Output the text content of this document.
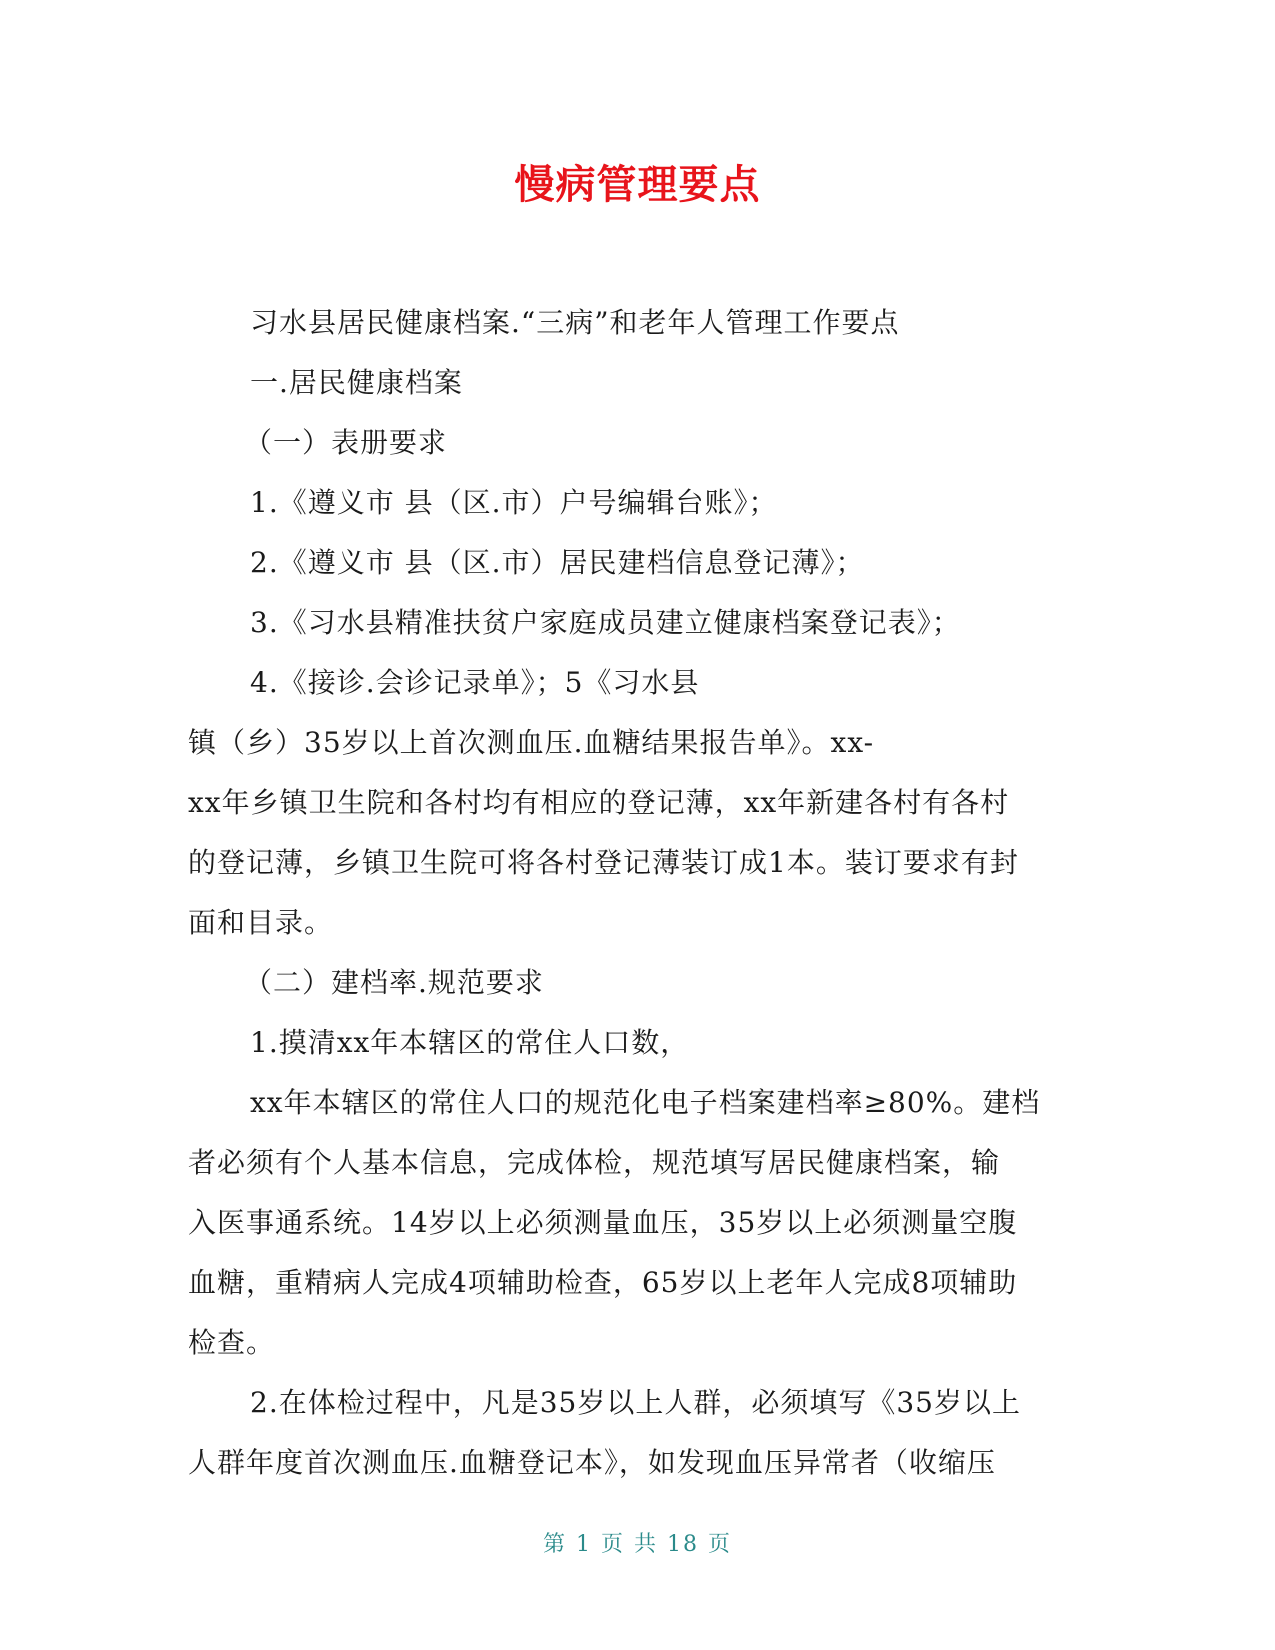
慢病管理要点
习水县居民健康档案.“三病”和老年人管理工作要点
一.居民健康档案
（一）表册要求
1.《遵义市 县（区.市）户号编辑台账》；
2.《遵义市 县（区.市）居民建档信息登记薄》；
3.《习水县精准扶贫户家庭成员建立健康档案登记表》；
4.《接诊.会诊记录单》；5《习水县
镇（乡）35岁以上首次测血压.血糖结果报告单》。xx-
xx年乡镇卫生院和各村均有相应的登记薄，xx年新建各村有各村
的登记薄，乡镇卫生院可将各村登记薄装订成1本。装订要求有封
面和目录。
（二）建档率.规范要求
1.摸清xx年本辖区的常住人口数，
xx年本辖区的常住人口的规范化电子档案建档率≥80%。建档
者必须有个人基本信息，完成体检，规范填写居民健康档案，输
入医事通系统。14岁以上必须测量血压，35岁以上必须测量空腹
血糖，重精病人完成4项辅助检查，65岁以上老年人完成8项辅助
检查。
2.在体检过程中，凡是35岁以上人群，必须填写《35岁以上
人群年度首次测血压.血糖登记本》，如发现血压异常者（收缩压
第 1 页 共 18 页
